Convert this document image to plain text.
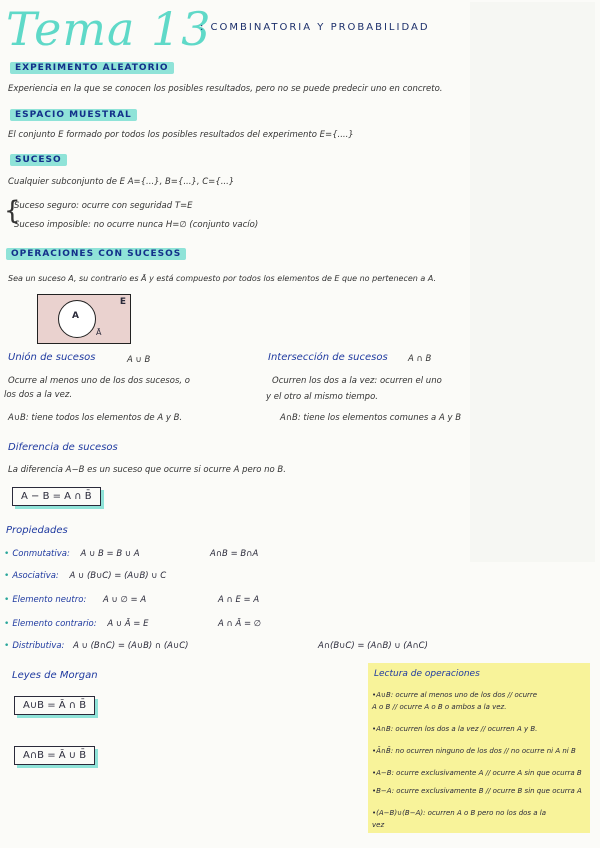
Tema 13
: COMBINATORIA Y PROBABILIDAD
EXPERIMENTO ALEATORIO
Experiencia en la que se conocen los posibles resultados, pero no se puede predecir uno en concreto.
ESPACIO MUESTRAL
El conjunto E formado por todos los posibles resultados del experimento E={....}
SUCESO
Cualquier subconjunto de E A={...}, B={...}, C={...}
{
Suceso seguro: ocurre con seguridad T=E
Suceso imposible: no ocurre nunca H=∅ (conjunto vacío)
OPERACIONES CON SUCESOS
Sea un suceso A, su contrario es Ā y está compuesto por todos los elementos de E que no pertenecen a A.
E
A
Ā
Unión de sucesos	A ∪ B
Ocurre al menos uno de los dos sucesos, o
los dos a la vez.
A∪B: tiene todos los elementos de A y B.
Intersección de sucesos A ∩ B
Ocurren los dos a la vez: ocurren el uno
y el otro al mismo tiempo.
A∩B: tiene los elementos comunes a A y B
Diferencia de sucesos
La diferencia A−B es un suceso que ocurre si ocurre A pero no B.
A − B = A ∩ B̄
Propiedades
• Conmutativa: A ∪ B = B ∪ A	A∩B = B∩A
• Asociativa: A ∪ (B∪C) = (A∪B) ∪ C
• Elemento neutro: A ∪ ∅ = A	A ∩ E = A
• Elemento contrario: A ∪ Ā = E	A ∩ Ā = ∅
• Distributiva: A ∪ (B∩C) = (A∪B) ∩ (A∪C)	A∩(B∪C) = (A∩B) ∪ (A∩C)
Leyes de Morgan
A∪B = Ā ∩ B̄
A∩B = Ā ∪ B̄
Lectura de operaciones
•A∪B: ocurre al menos uno de los dos // ocurre
A o B // ocurre A o B o ambos a la vez.
•A∩B: ocurren los dos a la vez // ocurren A y B.
•Ā∩B̄: no ocurren ninguno de los dos // no ocurre ni A ni B
•A−B: ocurre exclusivamente A // ocurre A sin que ocurra B
•B−A: ocurre exclusivamente B // ocurre B sin que ocurra A
•(A−B)∪(B−A): ocurren A o B pero no los dos a la
vez
